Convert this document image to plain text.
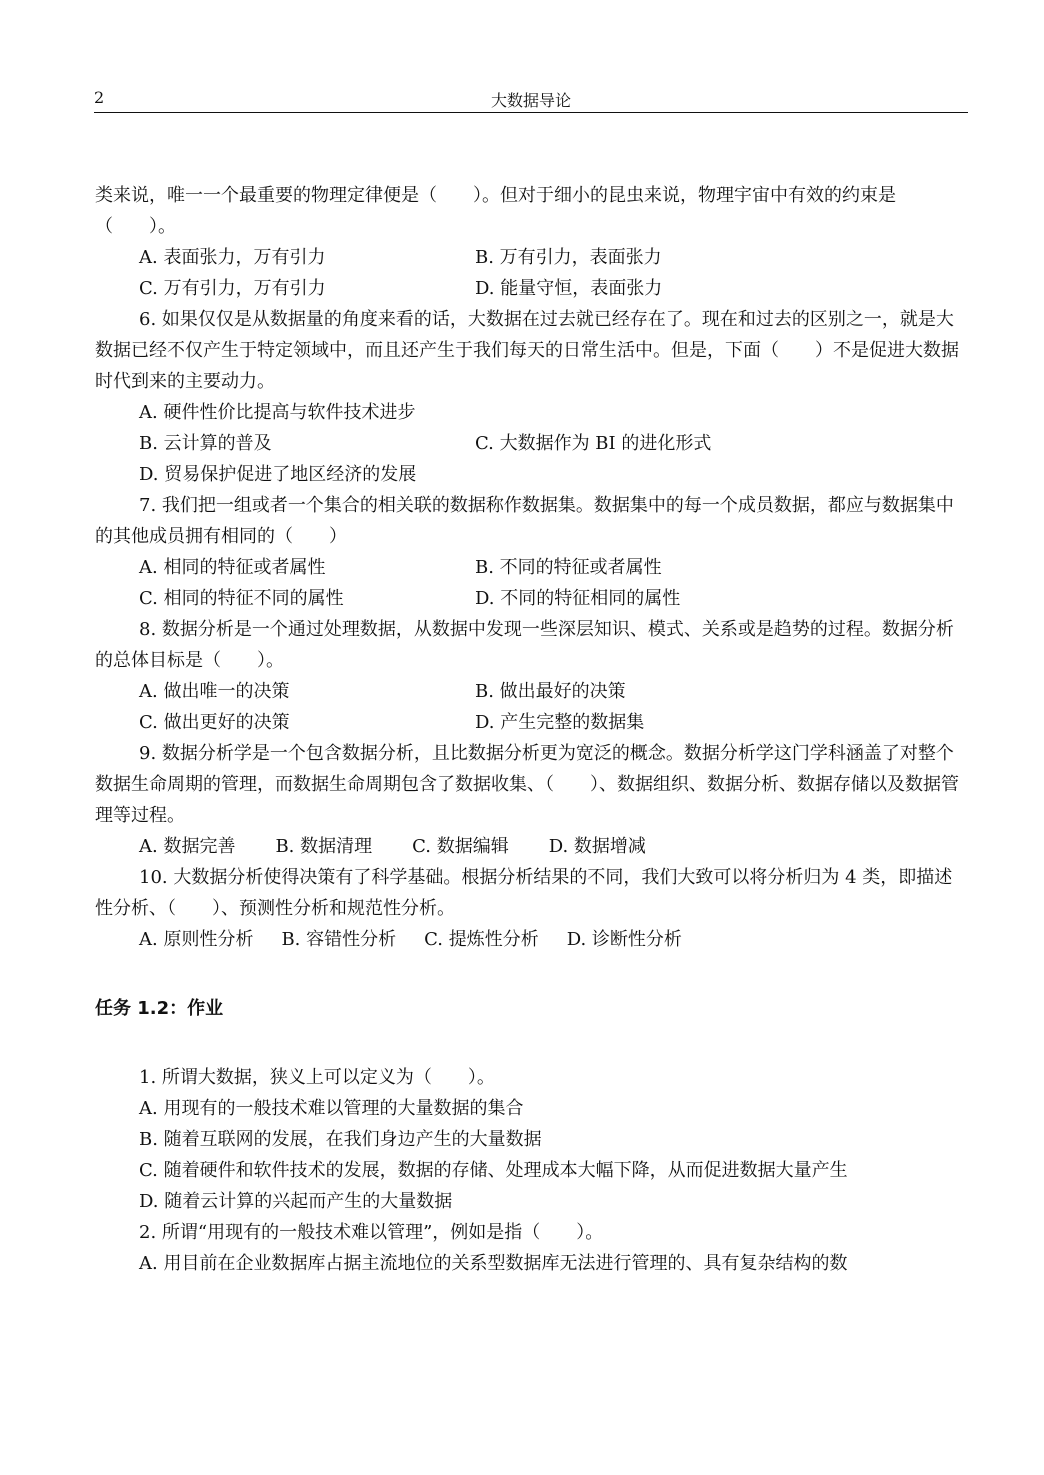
2	大数据导论

类来说，唯一一个最重要的物理定律便是（　　）。但对于细小的昆虫来说，物理宇宙中有效的约束是（　　）。

A. 表面张力，万有引力	B. 万有引力，表面张力
C. 万有引力，万有引力	D. 能量守恒，表面张力

6. 如果仅仅是从数据量的角度来看的话，大数据在过去就已经存在了。现在和过去的区别之一，就是大数据已经不仅产生于特定领域中，而且还产生于我们每天的日常生活中。但是，下面（　　）不是促进大数据时代到来的主要动力。

A. 硬件性价比提高与软件技术进步
B. 云计算的普及	C. 大数据作为 BI 的进化形式
D. 贸易保护促进了地区经济的发展

7. 我们把一组或者一个集合的相关联的数据称作数据集。数据集中的每一个成员数据，都应与数据集中的其他成员拥有相同的（　　）

A. 相同的特征或者属性	B. 不同的特征或者属性
C. 相同的特征不同的属性	D. 不同的特征相同的属性

8. 数据分析是一个通过处理数据，从数据中发现一些深层知识、模式、关系或是趋势的过程。数据分析的总体目标是（　　）。

A. 做出唯一的决策	B. 做出最好的决策
C. 做出更好的决策	D. 产生完整的数据集

9. 数据分析学是一个包含数据分析，且比数据分析更为宽泛的概念。数据分析学这门学科涵盖了对整个数据生命周期的管理，而数据生命周期包含了数据收集、（　　）、数据组织、数据分析、数据存储以及数据管理等过程。

A. 数据完善 B. 数据清理 C. 数据编辑 D. 数据增减

10. 大数据分析使得决策有了科学基础。根据分析结果的不同，我们大致可以将分析归为 4 类，即描述性分析、（　　）、预测性分析和规范性分析。

A. 原则性分析 B. 容错性分析 C. 提炼性分析 D. 诊断性分析
任务 1.2：作业
1. 所谓大数据，狭义上可以定义为（　　）。
A. 用现有的一般技术难以管理的大量数据的集合
B. 随着互联网的发展，在我们身边产生的大量数据
C. 随着硬件和软件技术的发展，数据的存储、处理成本大幅下降，从而促进数据大量产生
D. 随着云计算的兴起而产生的大量数据
2. 所谓“用现有的一般技术难以管理”，例如是指（　　）。
A. 用目前在企业数据库占据主流地位的关系型数据库无法进行管理的、具有复杂结构的数
